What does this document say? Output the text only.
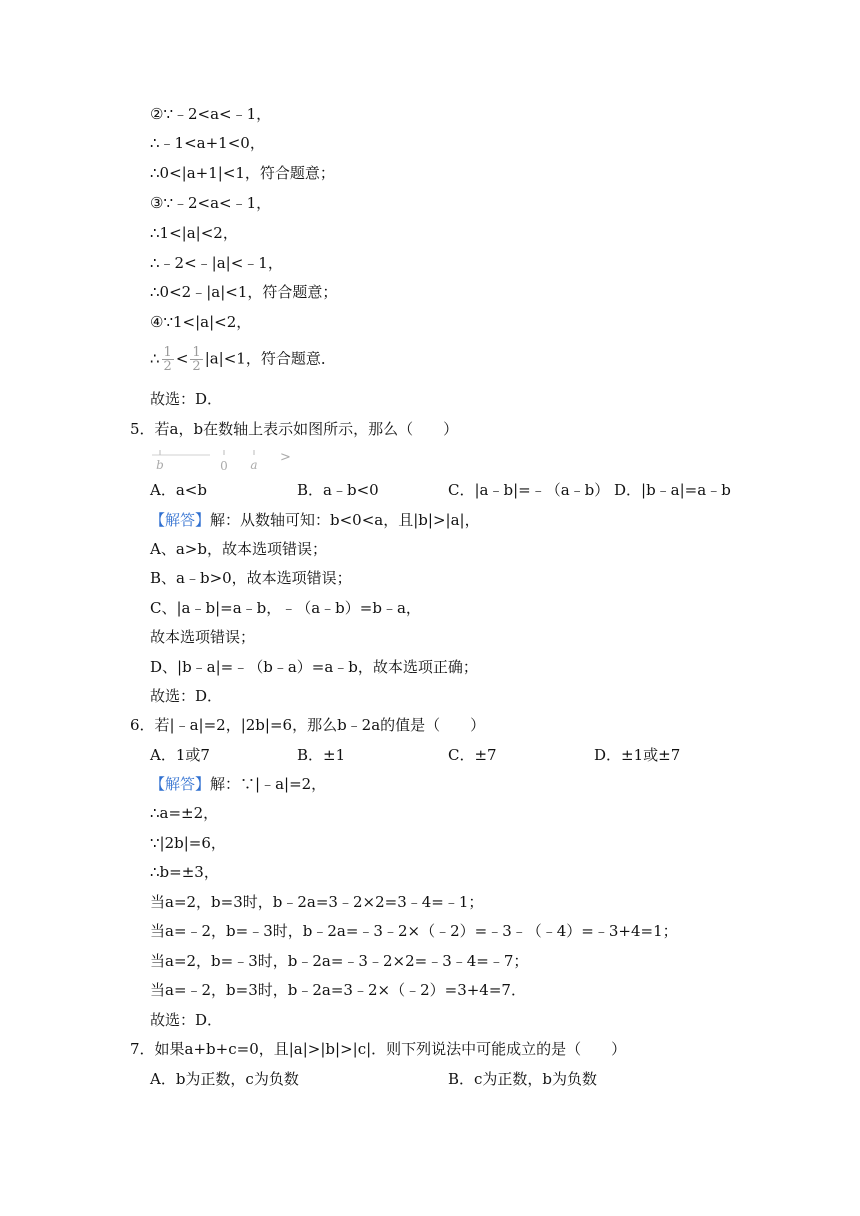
②∵﹣2<a<﹣1，
∴﹣1<a+1<0，
∴0<|a+1|<1，符合题意；
③∵﹣2<a<﹣1，
∴1<|a|<2，
∴﹣2<﹣|a|<﹣1，
∴0<2﹣|a|<1，符合题意；
④∵1<|a|<2，
∴ $\frac{1}{2} < \frac{1}{2} |a|<1$，符合题意．
故选：D．
5．若a，b在数轴上表示如图所示，那么（　　）
>
b	0 a
A．a<b	B．a﹣b<0	C．|a﹣b|=﹣（a﹣b） D．|b﹣a|=a﹣b
【解答】解：从数轴可知：b<0<a，且|b|>|a|，
A、a>b，故本选项错误；
B、a﹣b>0，故本选项错误；
C、|a﹣b|=a﹣b，﹣（a﹣b）=b﹣a，
故本选项错误；
D、|b﹣a|=﹣（b﹣a）=a﹣b，故本选项正确；
故选：D．
6．若|﹣a|=2，|2b|=6，那么b﹣2a的值是（　　）
A．1或7	B．±1	C．±7	D．±1或±7
【解答】解：∵|﹣a|=2，
∴a=±2，
∵|2b|=6，
∴b=±3，
当a=2，b=3时，b﹣2a=3﹣2×2=3﹣4=﹣1；
当a=﹣2，b=﹣3时，b﹣2a=﹣3﹣2×（﹣2）=﹣3﹣（﹣4）=﹣3+4=1；
当a=2，b=﹣3时，b﹣2a=﹣3﹣2×2=﹣3﹣4=﹣7；
当a=﹣2，b=3时，b﹣2a=3﹣2×（﹣2）=3+4=7．
故选：D．
7．如果a+b+c=0，且|a|>|b|>|c|．则下列说法中可能成立的是（　　）
A．b为正数，c为负数	B．c为正数，b为负数
